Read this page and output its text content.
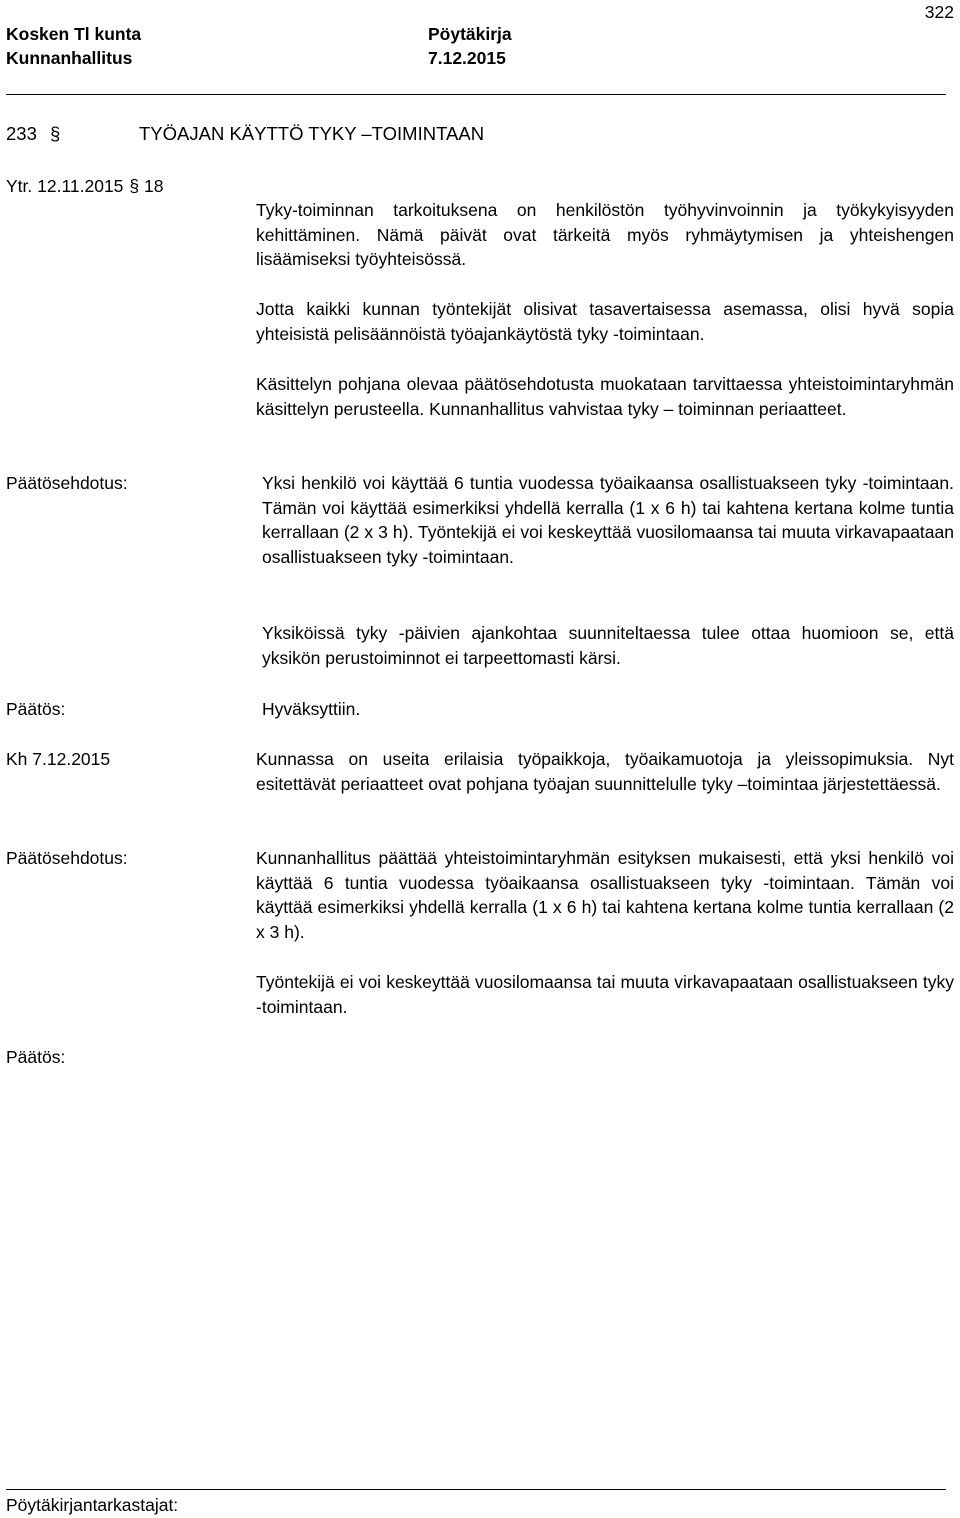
322
Kosken Tl kunta
Kunnanhallitus
Pöytäkirja
7.12.2015
233 §	TYÖAJAN KÄYTTÖ TYKY –TOIMINTAAN
Ytr. 12.11.2015 § 18
Tyky-toiminnan tarkoituksena on henkilöstön työhyvinvoinnin ja työkykyisyyden kehittäminen. Nämä päivät ovat tärkeitä myös ryhmäytymisen ja yhteishengen lisäämiseksi työyhteisössä.
Jotta kaikki kunnan työntekijät olisivat tasavertaisessa asemassa, olisi hyvä sopia yhteisistä pelisäännöistä työajankäytöstä tyky -toimintaan.
Käsittelyn pohjana olevaa päätösehdotusta muokataan tarvittaessa yhteistoimintaryhmän käsittelyn perusteella. Kunnanhallitus vahvistaa tyky – toiminnan periaatteet.
Päätösehdotus:	Yksi henkilö voi käyttää 6 tuntia vuodessa työaikaansa osallistuakseen tyky -toimintaan. Tämän voi käyttää esimerkiksi yhdellä kerralla (1 x 6 h) tai kahtena kertana kolme tuntia kerrallaan (2 x 3 h). Työntekijä ei voi keskeyttää vuosilomaansa tai muuta virkavapaataan osallistuakseen tyky -toimintaan.
Yksiköissä tyky -päivien ajankohtaa suunniteltaessa tulee ottaa huomioon se, että yksikön perustoiminnot ei tarpeettomasti kärsi.
Päätös:	Hyväksyttiin.
Kh 7.12.2015	Kunnassa on useita erilaisia työpaikkoja, työaikamuotoja ja yleissopimuksia. Nyt esitettävät periaatteet ovat pohjana työajan suunnittelulle tyky –toimintaa järjestettäessä.
Päätösehdotus:	Kunnanhallitus päättää yhteistoimintaryhmän esityksen mukaisesti, että yksi henkilö voi käyttää 6 tuntia vuodessa työaikaansa osallistuakseen tyky -toimintaan. Tämän voi käyttää esimerkiksi yhdellä kerralla (1 x 6 h) tai kahtena kertana kolme tuntia kerrallaan (2 x 3 h).
Työntekijä ei voi keskeyttää vuosilomaansa tai muuta virkavapaataan osallistuakseen tyky -toimintaan.
Päätös:
Pöytäkirjantarkastajat:
